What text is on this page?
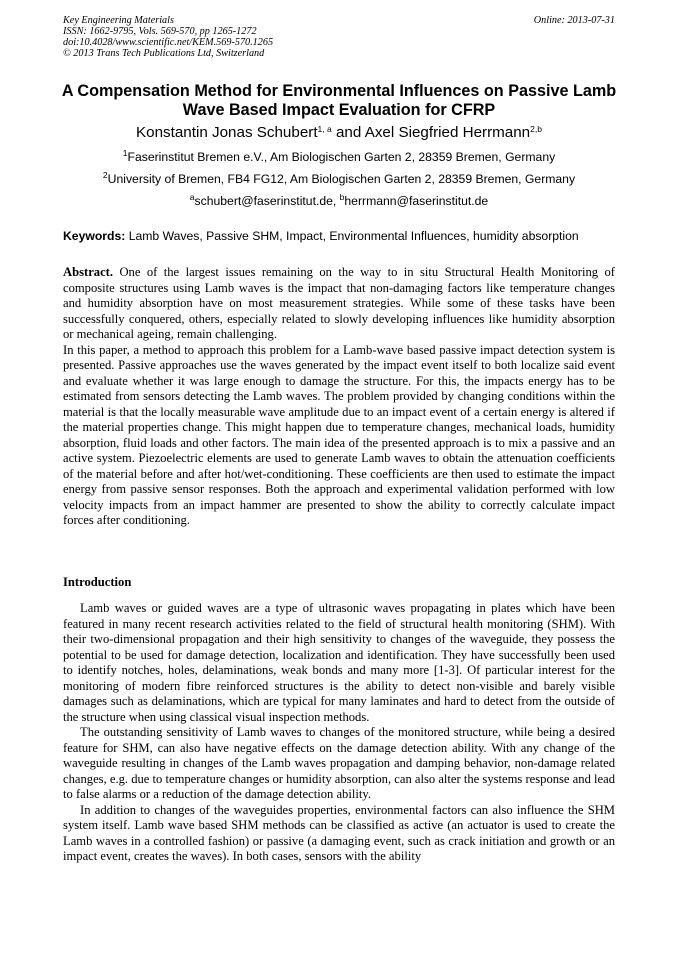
Key Engineering Materials
ISSN: 1662-9795, Vols. 569-570, pp 1265-1272
doi:10.4028/www.scientific.net/KEM.569-570.1265
© 2013 Trans Tech Publications Ltd, Switzerland
Online: 2013-07-31
A Compensation Method for Environmental Influences on Passive Lamb
Wave Based Impact Evaluation for CFRP
Konstantin Jonas Schubert$^{1, a}$ and Axel Siegfried Herrmann$^{2,b}$
$^1$Faserinstitut Bremen e.V., Am Biologischen Garten 2, 28359 Bremen, Germany
$^2$University of Bremen, FB4 FG12, Am Biologischen Garten 2, 28359 Bremen, Germany
$^a$schubert@faserinstitut.de, $^b$herrmann@faserinstitut.de
Keywords: Lamb Waves, Passive SHM, Impact, Environmental Influences, humidity absorption

Abstract. One of the largest issues remaining on the way to in situ Structural Health Monitoring of composite structures using Lamb waves is the impact that non-damaging factors like temperature changes and humidity absorption have on most measurement strategies. While some of these tasks have been successfully conquered, others, especially related to slowly developing influences like humidity absorption or mechanical ageing, remain challenging.

In this paper, a method to approach this problem for a Lamb-wave based passive impact detection system is presented. Passive approaches use the waves generated by the impact event itself to both localize said event and evaluate whether it was large enough to damage the structure. For this, the impacts energy has to be estimated from sensors detecting the Lamb waves. The problem provided by changing conditions within the material is that the locally measurable wave amplitude due to an impact event of a certain energy is altered if the material properties change. This might happen due to temperature changes, mechanical loads, humidity absorption, fluid loads and other factors. The main idea of the presented approach is to mix a passive and an active system. Piezoelectric elements are used to generate Lamb waves to obtain the attenuation coefficients of the material before and after hot/wet-conditioning. These coefficients are then used to estimate the impact energy from passive sensor responses. Both the approach and experimental validation performed with low velocity impacts from an impact hammer are presented to show the ability to correctly calculate impact forces after conditioning.

Introduction

Lamb waves or guided waves are a type of ultrasonic waves propagating in plates which have been featured in many recent research activities related to the field of structural health monitoring (SHM). With their two-dimensional propagation and their high sensitivity to changes of the waveguide, they possess the potential to be used for damage detection, localization and identification. They have successfully been used to identify notches, holes, delaminations, weak bonds and many more [1-3]. Of particular interest for the monitoring of modern fibre reinforced structures is the ability to detect non-visible and barely visible damages such as delaminations, which are typical for many laminates and hard to detect from the outside of the structure when using classical visual inspection methods.

The outstanding sensitivity of Lamb waves to changes of the monitored structure, while being a desired feature for SHM, can also have negative effects on the damage detection ability. With any change of the waveguide resulting in changes of the Lamb waves propagation and damping behavior, non-damage related changes, e.g. due to temperature changes or humidity absorption, can also alter the systems response and lead to false alarms or a reduction of the damage detection ability.

In addition to changes of the waveguides properties, environmental factors can also influence the SHM system itself. Lamb wave based SHM methods can be classified as active (an actuator is used to create the Lamb waves in a controlled fashion) or passive (a damaging event, such as crack initiation and growth or an impact event, creates the waves). In both cases, sensors with the ability
